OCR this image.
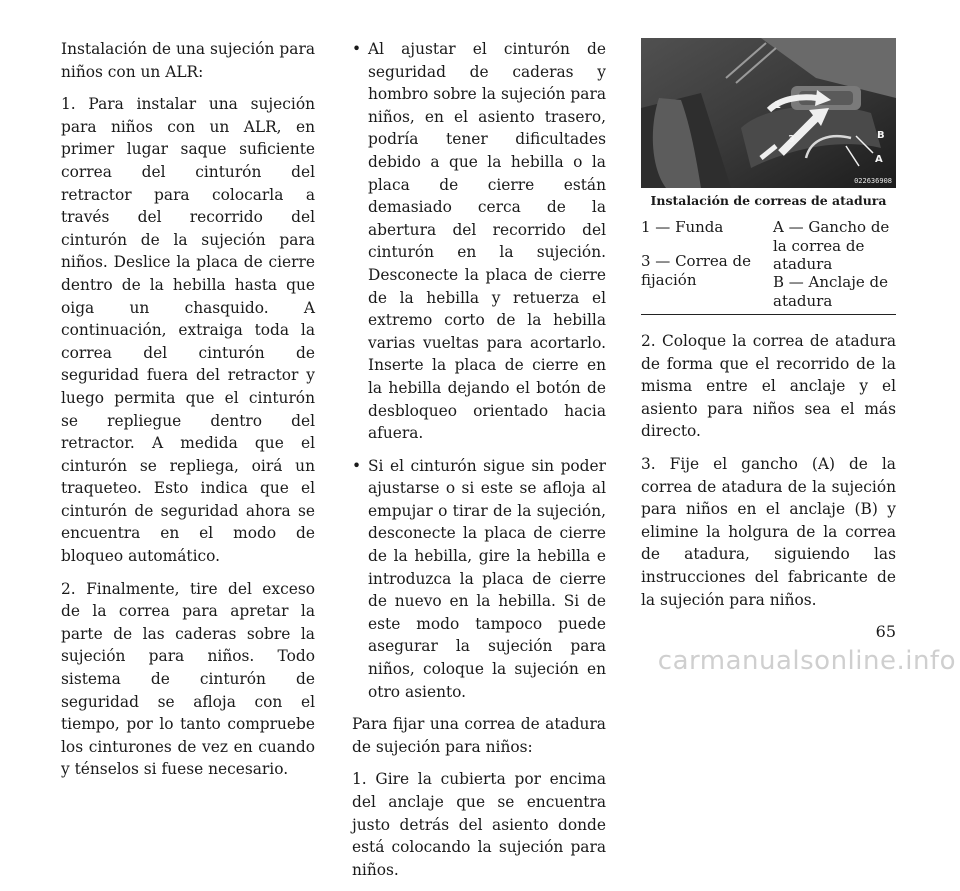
Instalación de una sujeción para niños con un ALR:

1. Para instalar una sujeción para niños con un ALR, en primer lugar saque suficiente correa del cinturón del retractor para colocarla a través del recorrido del cinturón de la sujeción para niños. Deslice la placa de cierre dentro de la hebilla hasta que oiga un chasquido. A continuación, extraiga toda la correa del cinturón de seguridad fuera del retractor y luego permita que el cinturón se repliegue dentro del retractor. A medida que el cinturón se repliega, oirá un traqueteo. Esto indica que el cinturón de seguridad ahora se encuentra en el modo de bloqueo automático.

2. Finalmente, tire del exceso de la correa para apretar la parte de las caderas sobre la sujeción para niños. Todo sistema de cinturón de seguridad se afloja con el tiempo, por lo tanto compruebe los cinturones de vez en cuando y ténselos si fuese necesario.

• Al ajustar el cinturón de seguridad de caderas y hombro sobre la sujeción para niños, en el asiento trasero, podría tener dificultades debido a que la hebilla o la placa de cierre están demasiado cerca de la abertura del recorrido del cinturón en la sujeción. Desconecte la placa de cierre de la hebilla y retuerza el extremo corto de la hebilla varias vueltas para acortarlo. Inserte la placa de cierre en la hebilla dejando el botón de desbloqueo orientado hacia afuera.
• Si el cinturón sigue sin poder ajustarse o si este se afloja al empujar o tirar de la sujeción, desconecte la placa de cierre de la hebilla, gire la hebilla e introduzca la placa de cierre de nuevo en la hebilla. Si de este modo tampoco puede asegurar la sujeción para niños, coloque la sujeción en otro asiento.

Para fijar una correa de atadura de sujeción para niños:

1. Gire la cubierta por encima del anclaje que se encuentra justo detrás del asiento donde está colocando la sujeción para niños.

1
3
A
B
022636908
Instalación de correas de atadura
1 — Funda	A — Gancho de la correa de atadura
3 — Correa de fijación	B — Anclaje de atadura

2. Coloque la correa de atadura de forma que el recorrido de la misma entre el anclaje y el asiento para niños sea el más directo.

3. Fije el gancho (A) de la correa de atadura de la sujeción para niños en el anclaje (B) y elimine la holgura de la correa de atadura, siguiendo las instrucciones del fabricante de la sujeción para niños.

65
carmanualsonline.info
